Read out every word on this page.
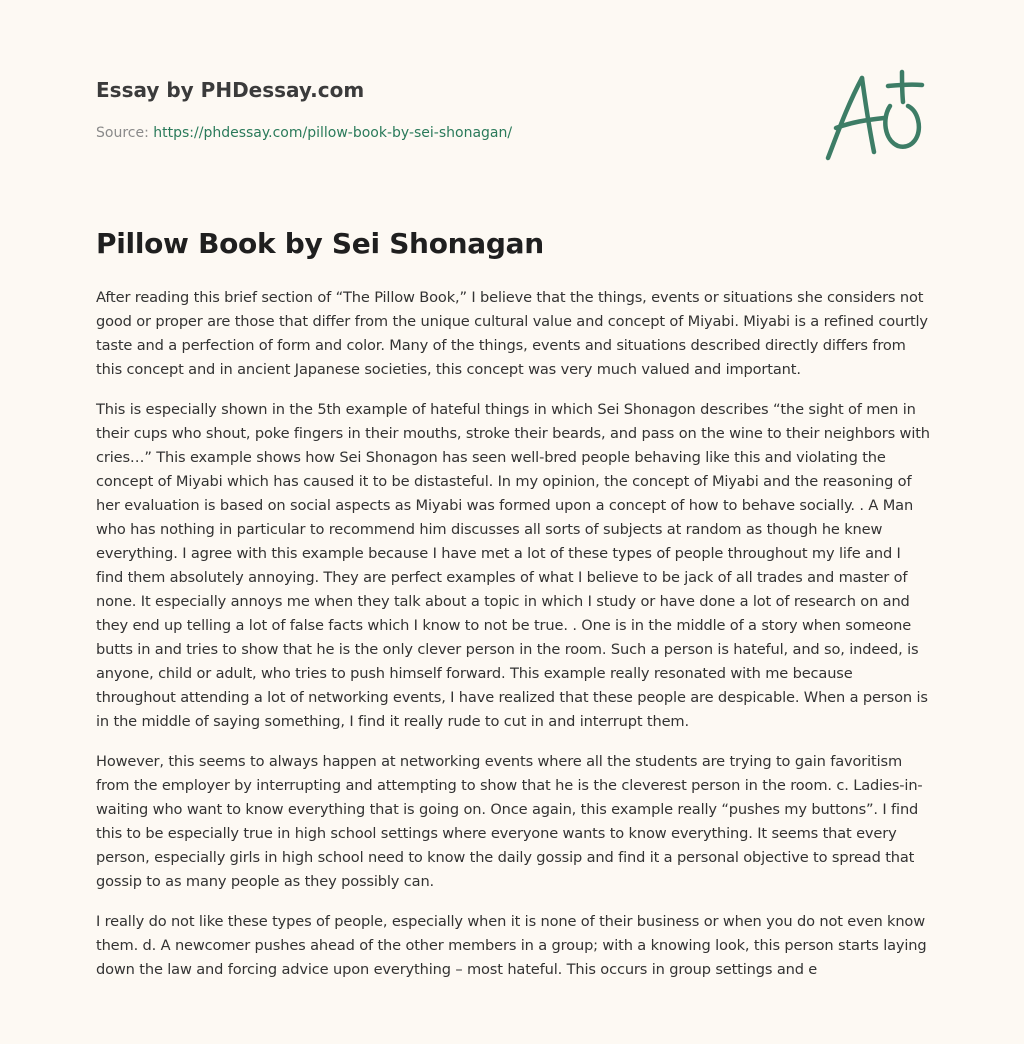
Essay by PHDessay.com
Source: https://phdessay.com/pillow-book-by-sei-shonagan/
Pillow Book by Sei Shonagan

After reading this brief section of “The Pillow Book,” I believe that the things, events or situations she considers not good or proper are those that differ from the unique cultural value and concept of Miyabi. Miyabi is a refined courtly taste and a perfection of form and color. Many of the things, events and situations described directly differs from this concept and in ancient Japanese societies, this concept was very much valued and important.

This is especially shown in the 5th example of hateful things in which Sei Shonagon describes “the sight of men in their cups who shout, poke fingers in their mouths, stroke their beards, and pass on the wine to their neighbors with cries…” This example shows how Sei Shonagon has seen well-bred people behaving like this and violating the concept of Miyabi which has caused it to be distasteful. In my opinion, the concept of Miyabi and the reasoning of her evaluation is based on social aspects as Miyabi was formed upon a concept of how to behave socially. . A Man who has nothing in particular to recommend him discusses all sorts of subjects at random as though he knew everything. I agree with this example because I have met a lot of these types of people throughout my life and I find them absolutely annoying. They are perfect examples of what I believe to be jack of all trades and master of none. It especially annoys me when they talk about a topic in which I study or have done a lot of research on and they end up telling a lot of false facts which I know to not be true. . One is in the middle of a story when someone butts in and tries to show that he is the only clever person in the room. Such a person is hateful, and so, indeed, is anyone, child or adult, who tries to push himself forward. This example really resonated with me because throughout attending a lot of networking events, I have realized that these people are despicable. When a person is in the middle of saying something, I find it really rude to cut in and interrupt them.

However, this seems to always happen at networking events where all the students are trying to gain favoritism from the employer by interrupting and attempting to show that he is the cleverest person in the room. c. Ladies-in-waiting who want to know everything that is going on. Once again, this example really “pushes my buttons”. I find this to be especially true in high school settings where everyone wants to know everything. It seems that every person, especially girls in high school need to know the daily gossip and find it a personal objective to spread that gossip to as many people as they possibly can.

I really do not like these types of people, especially when it is none of their business or when you do not even know them. d. A newcomer pushes ahead of the other members in a group; with a knowing look, this person starts laying down the law and forcing advice upon everything – most hateful. This occurs in group settings and e
